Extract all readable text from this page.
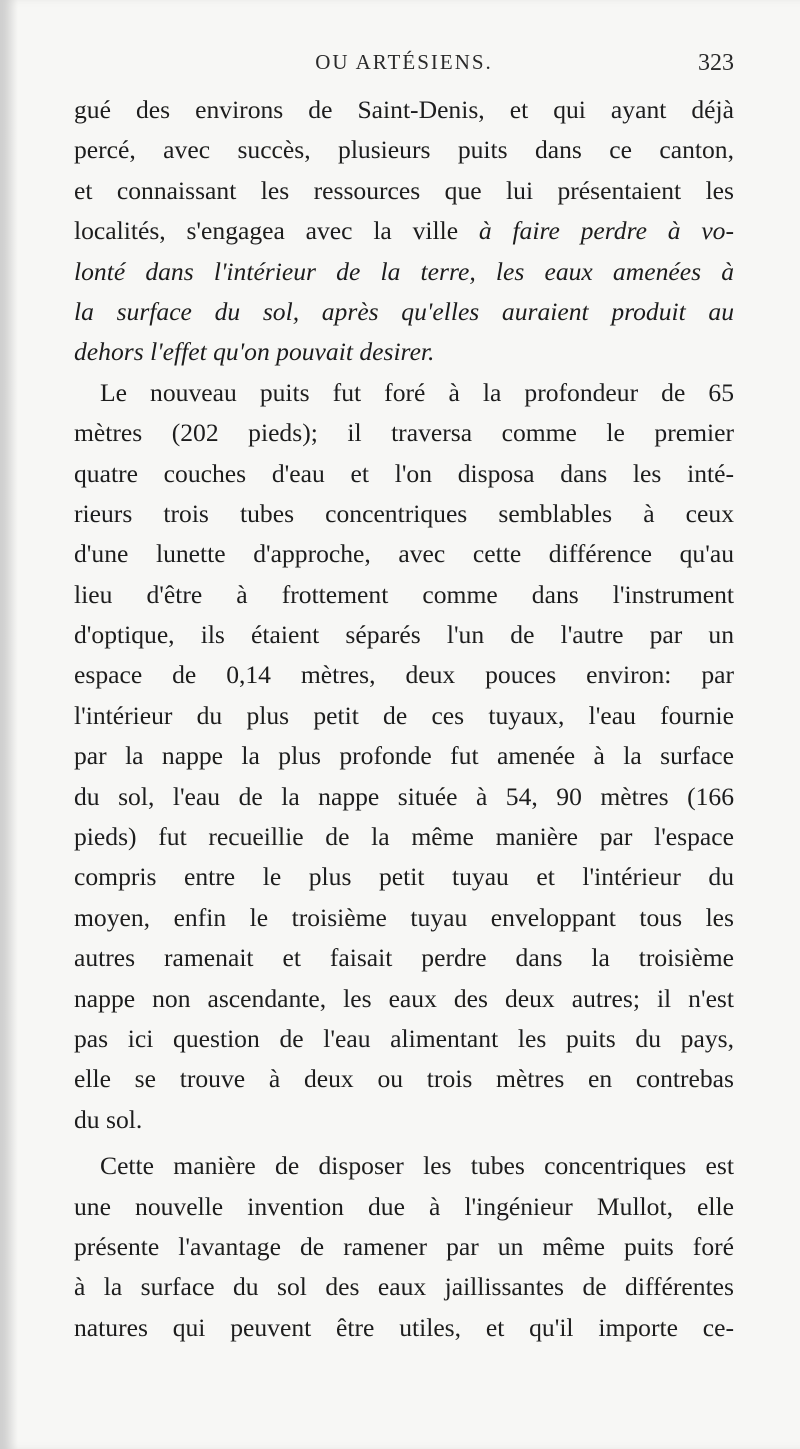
OU ARTÉSIENS.	323
gué des environs de Saint-Denis, et qui ayant déjà
percé, avec succès, plusieurs puits dans ce canton,
et connaissant les ressources que lui présentaient les
localités, s'engagea avec la ville à faire perdre à vo-
lonté dans l'intérieur de la terre, les eaux amenées à
la surface du sol, après qu'elles auraient produit au
dehors l'effet qu'on pouvait desirer.
Le nouveau puits fut foré à la profondeur de 65
mètres (202 pieds); il traversa comme le premier
quatre couches d'eau et l'on disposa dans les inté-
rieurs trois tubes concentriques semblables à ceux
d'une lunette d'approche, avec cette différence qu'au
lieu d'être à frottement comme dans l'instrument
d'optique, ils étaient séparés l'un de l'autre par un
espace de 0,14 mètres, deux pouces environ: par
l'intérieur du plus petit de ces tuyaux, l'eau fournie
par la nappe la plus profonde fut amenée à la surface
du sol, l'eau de la nappe située à 54, 90 mètres (166
pieds) fut recueillie de la même manière par l'espace
compris entre le plus petit tuyau et l'intérieur du
moyen, enfin le troisième tuyau enveloppant tous les
autres ramenait et faisait perdre dans la troisième
nappe non ascendante, les eaux des deux autres; il n'est
pas ici question de l'eau alimentant les puits du pays,
elle se trouve à deux ou trois mètres en contrebas
du sol.
Cette manière de disposer les tubes concentriques est
une nouvelle invention due à l'ingénieur Mullot, elle
présente l'avantage de ramener par un même puits foré
à la surface du sol des eaux jaillissantes de différentes
natures qui peuvent être utiles, et qu'il importe ce-
